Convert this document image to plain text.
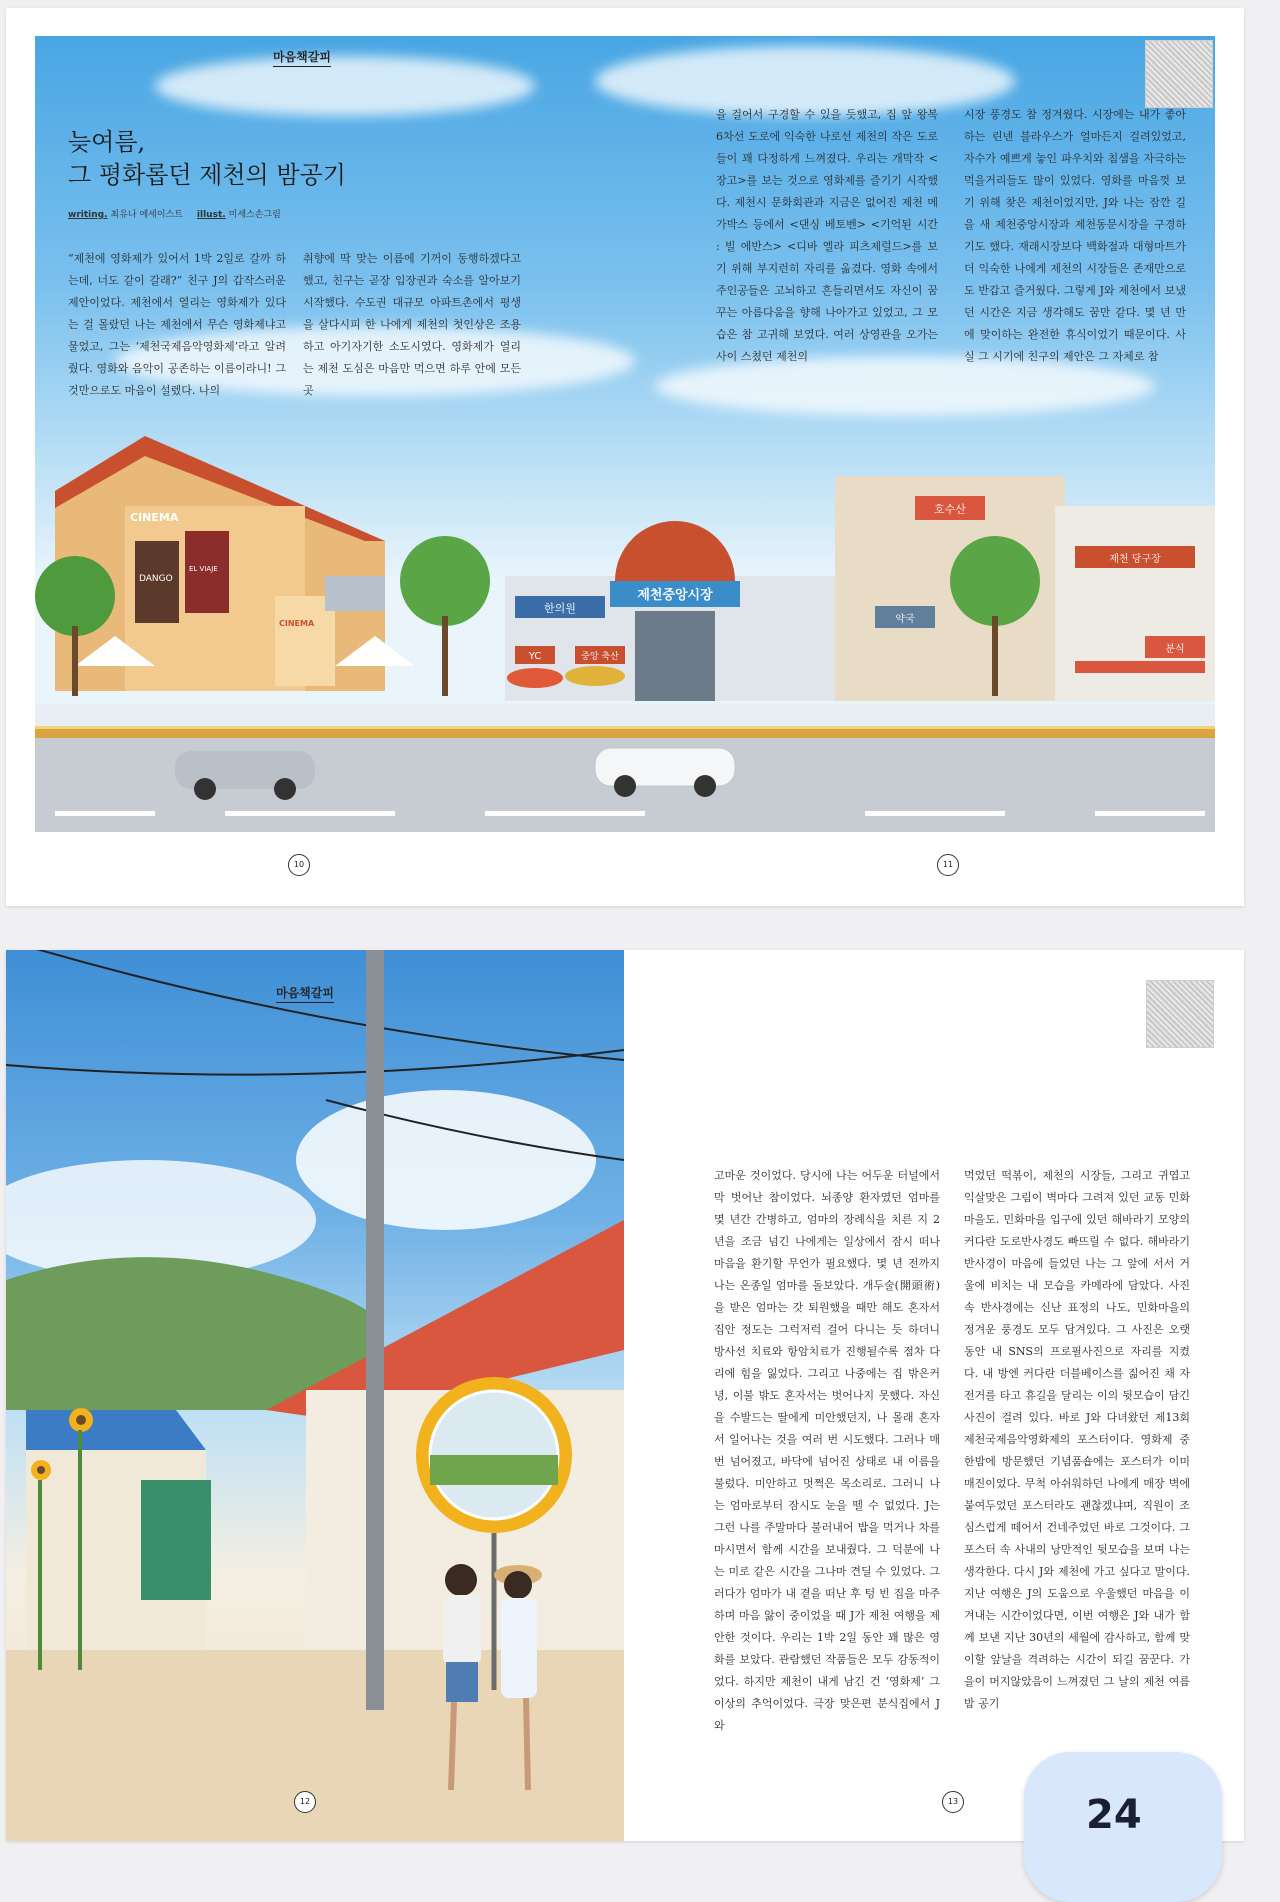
CINEMA
DANGO
EL VIAJE
CINEMA
제천중앙시장
한의원
YC	중앙 축산
호수산
약국
제천 당구장
분식
마음책갈피
늦여름,
그 평화롭던 제천의 밤공기
writing. 최유나 에세이스트 illust. 미세스손그림

“제천에 영화제가 있어서 1박 2일로 갈까 하는데, 너도 같이 갈래?” 친구 J의 갑작스러운 제안이었다. 제천에서 열리는 영화제가 있다는 걸 몰랐던 나는 제천에서 무슨 영화제냐고 물었고, 그는 ‘제천국제음악영화제’라고 알려줬다. 영화와 음악이 공존하는 이름이라니! 그것만으로도 마음이 설렜다. 나의

취향에 딱 맞는 이름에 기꺼이 동행하겠다고 했고, 친구는 곧장 입장권과 숙소를 알아보기 시작했다. 수도권 대규모 아파트촌에서 평생을 살다시피 한 나에게 제천의 첫인상은 조용하고 아기자기한 소도시였다. 영화제가 열리는 제천 도심은 마음만 먹으면 하루 안에 모든 곳

을 걸어서 구경할 수 있을 듯했고, 집 앞 왕복 6차선 도로에 익숙한 나로선 제천의 작은 도로들이 꽤 다정하게 느껴졌다. 우리는 개막작 <장고>를 보는 것으로 영화제를 즐기기 시작했다. 제천시 문화회관과 지금은 없어진 제천 메가박스 등에서 <댄싱 베토벤> <기억된 시간 : 빌 에반스> <디바 엘라 피츠제럴드>를 보기 위해 부지런히 자리를 옮겼다. 영화 속에서 주인공들은 고뇌하고 흔들리면서도 자신이 꿈꾸는 아름다움을 향해 나아가고 있었고, 그 모습은 참 고귀해 보였다. 여러 상영관을 오가는 사이 스쳤던 제천의

시장 풍경도 참 정겨웠다. 시장에는 내가 좋아하는 린넨 블라우스가 얼마든지 걸려있었고, 자수가 예쁘게 놓인 파우치와 침샘을 자극하는 먹을거리들도 많이 있었다. 영화를 마음껏 보기 위해 찾은 제천이었지만, J와 나는 잠깐 길을 새 제천중앙시장과 제천동문시장을 구경하기도 했다. 재래시장보다 백화점과 대형마트가 더 익숙한 나에게 제천의 시장들은 존재만으로도 반갑고 즐거웠다. 그렇게 J와 제천에서 보냈던 시간은 지금 생각해도 꿈만 같다. 몇 년 만에 맞이하는 완전한 휴식이었기 때문이다. 사실 그 시기에 친구의 제안은 그 자체로 참

10	11
마음책갈피
12

고마운 것이었다. 당시에 나는 어두운 터널에서 막 벗어난 참이었다. 뇌종양 환자였던 엄마를 몇 년간 간병하고, 엄마의 장례식을 치른 지 2년을 조금 넘긴 나에게는 일상에서 잠시 떠나 마음을 환기할 무언가 필요했다. 몇 년 전까지 나는 온종일 엄마를 돌보았다. 개두술(開頭術)을 받은 엄마는 갓 퇴원했을 때만 해도 혼자서 집안 정도는 그럭저럭 걸어 다니는 듯 하더니 방사선 치료와 항암치료가 진행될수록 점차 다리에 힘을 잃었다. 그리고 나중에는 집 밖은커녕, 이불 밖도 혼자서는 벗어나지 못했다. 자신을 수발드는 딸에게 미안했던지, 나 몰래 혼자서 일어나는 것을 여러 번 시도했다. 그러나 매번 넘어졌고, 바닥에 넘어진 상태로 내 이름을 불렀다. 미안하고 멋쩍은 목소리로. 그러니 나는 엄마로부터 잠시도 눈을 뗄 수 없었다. J는 그런 나를 주말마다 불러내어 밥을 먹거나 차를 마시면서 함께 시간을 보내줬다. 그 덕분에 나는 미로 같은 시간을 그나마 견딜 수 있었다. 그러다가 엄마가 내 곁을 떠난 후 텅 빈 집을 마주하며 마음 앓이 중이었을 때 J가 제천 여행을 제안한 것이다. 우리는 1박 2일 동안 꽤 많은 영화를 보았다. 관람했던 작품들은 모두 감동적이었다. 하지만 제천이 내게 남긴 건 ‘영화제’ 그 이상의 추억이었다. 극장 맞은편 분식집에서 J와

먹었던 떡볶이, 제천의 시장들, 그리고 귀엽고 익살맞은 그림이 벽마다 그려져 있던 교동 민화마을도. 민화마을 입구에 있던 해바라기 모양의 커다란 도로반사경도 빠뜨릴 수 없다. 해바라기 반사경이 마음에 들었던 나는 그 앞에 서서 거울에 비치는 내 모습을 카메라에 담았다. 사진 속 반사경에는 신난 표정의 나도, 민화마을의 정겨운 풍경도 모두 담겨있다. 그 사진은 오랫동안 내 SNS의 프로필사진으로 자리를 지켰다. 내 방엔 커다란 더블베이스를 짊어진 채 자전거를 타고 휴길을 달리는 이의 뒷모습이 담긴 사진이 걸려 있다. 바로 J와 다녀왔던 제13회 제천국제음악영화제의 포스터이다. 영화제 중 한밤에 방문했던 기념품숍에는 포스터가 이미 매진이었다. 무척 아쉬워하던 나에게 매장 벽에 붙여두었던 포스터라도 괜찮겠냐며, 직원이 조심스럽게 떼어서 건네주었던 바로 그것이다. 그 포스터 속 사내의 낭만적인 뒷모습을 보며 나는 생각한다. 다시 J와 제천에 가고 싶다고 말이다. 지난 여행은 J의 도움으로 우울했던 마음을 이겨내는 시간이었다면, 이번 여행은 J와 내가 함께 보낸 지난 30년의 세월에 감사하고, 함께 맞이할 앞날을 격려하는 시간이 되길 꿈꾼다. 가을이 머지않았음이 느껴졌던 그 날의 제천 여름밤 공기

13	24
